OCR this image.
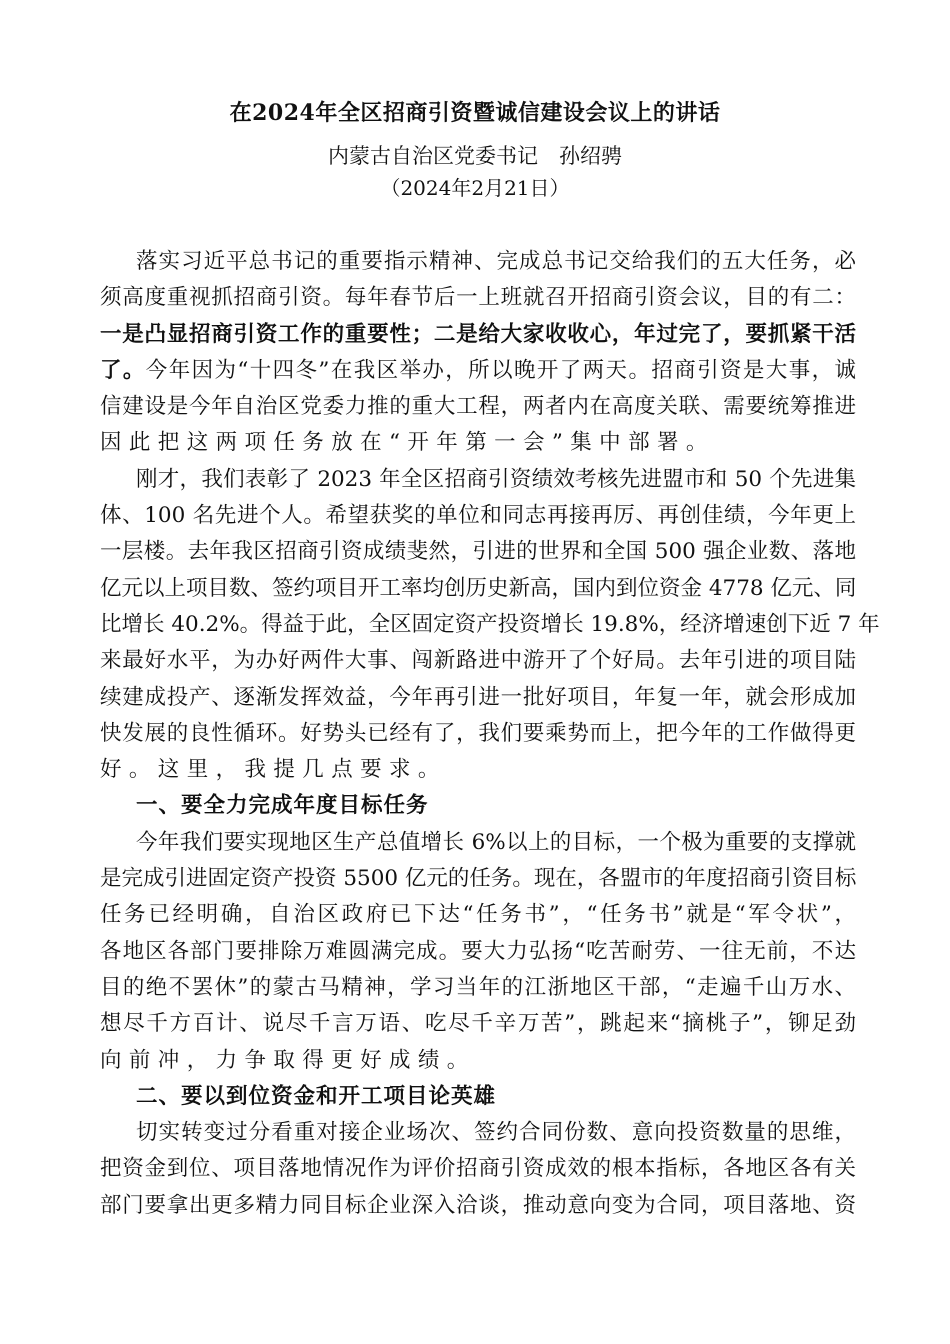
在2024年全区招商引资暨诚信建设会议上的讲话
内蒙古自治区党委书记　孙绍骋
（2024年2月21日）
落实习近平总书记的重要指示精神、完成总书记交给我们的五大任务，必
须高度重视抓招商引资。每年春节后一上班就召开招商引资会议，目的有二：
一是凸显招商引资工作的重要性；二是给大家收收心，年过完了，要抓紧干活
了。今年因为“十四冬”在我区举办，所以晚开了两天。招商引资是大事，诚
信建设是今年自治区党委力推的重大工程，两者内在高度关联、需要统筹推进
因此把这两项任务放在“开年第一会”集中部署。
刚才，我们表彰了 2023 年全区招商引资绩效考核先进盟市和 50 个先进集
体、100 名先进个人。希望获奖的单位和同志再接再厉、再创佳绩，今年更上
一层楼。去年我区招商引资成绩斐然，引进的世界和全国 500 强企业数、落地
亿元以上项目数、签约项目开工率均创历史新高，国内到位资金 4778 亿元、同
比增长 40.2%。得益于此，全区固定资产投资增长 19.8%，经济增速创下近 7 年
来最好水平，为办好两件大事、闯新路进中游开了个好局。去年引进的项目陆
续建成投产、逐渐发挥效益，今年再引进一批好项目，年复一年，就会形成加
快发展的良性循环。好势头已经有了，我们要乘势而上，把今年的工作做得更
好。这里，我提几点要求。
一、要全力完成年度目标任务
今年我们要实现地区生产总值增长 6%以上的目标，一个极为重要的支撑就
是完成引进固定资产投资 5500 亿元的任务。现在，各盟市的年度招商引资目标
任务已经明确，自治区政府已下达“任务书”，“任务书”就是“军令状”，
各地区各部门要排除万难圆满完成。要大力弘扬“吃苦耐劳、一往无前，不达
目的绝不罢休”的蒙古马精神，学习当年的江浙地区干部，“走遍千山万水、
想尽千方百计、说尽千言万语、吃尽千辛万苦”，跳起来“摘桃子”，铆足劲
向前冲，力争取得更好成绩。
二、要以到位资金和开工项目论英雄
切实转变过分看重对接企业场次、签约合同份数、意向投资数量的思维，
把资金到位、项目落地情况作为评价招商引资成效的根本指标，各地区各有关
部门要拿出更多精力同目标企业深入洽谈，推动意向变为合同，项目落地、资
